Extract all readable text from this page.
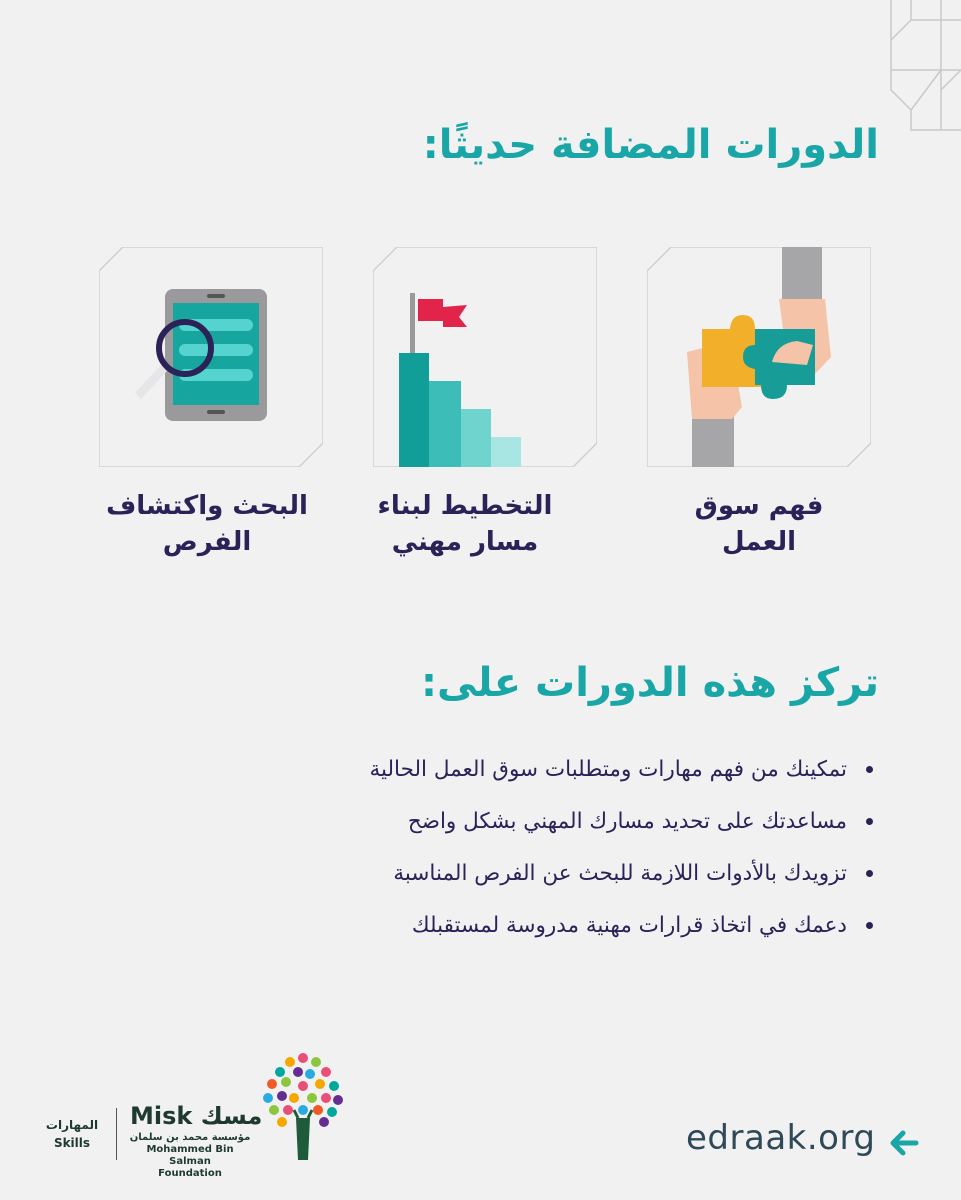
الدورات المضافة حديثًا:
فهم سوق
العمل
التخطيط لبناء
مسار مهني
البحث واكتشاف
الفرص
تركز هذه الدورات على:
تمكينك من فهم مهارات ومتطلبات سوق العمل الحالية
مساعدتك على تحديد مسارك المهني بشكل واضح
تزويدك بالأدوات اللازمة للبحث عن الفرص المناسبة
دعمك في اتخاذ قرارات مهنية مدروسة لمستقبلك
المهارات
Skills
Misk مسك
مؤسسة محمد بن سلمان
Mohammed Bin Salman
Foundation
edraak.org
